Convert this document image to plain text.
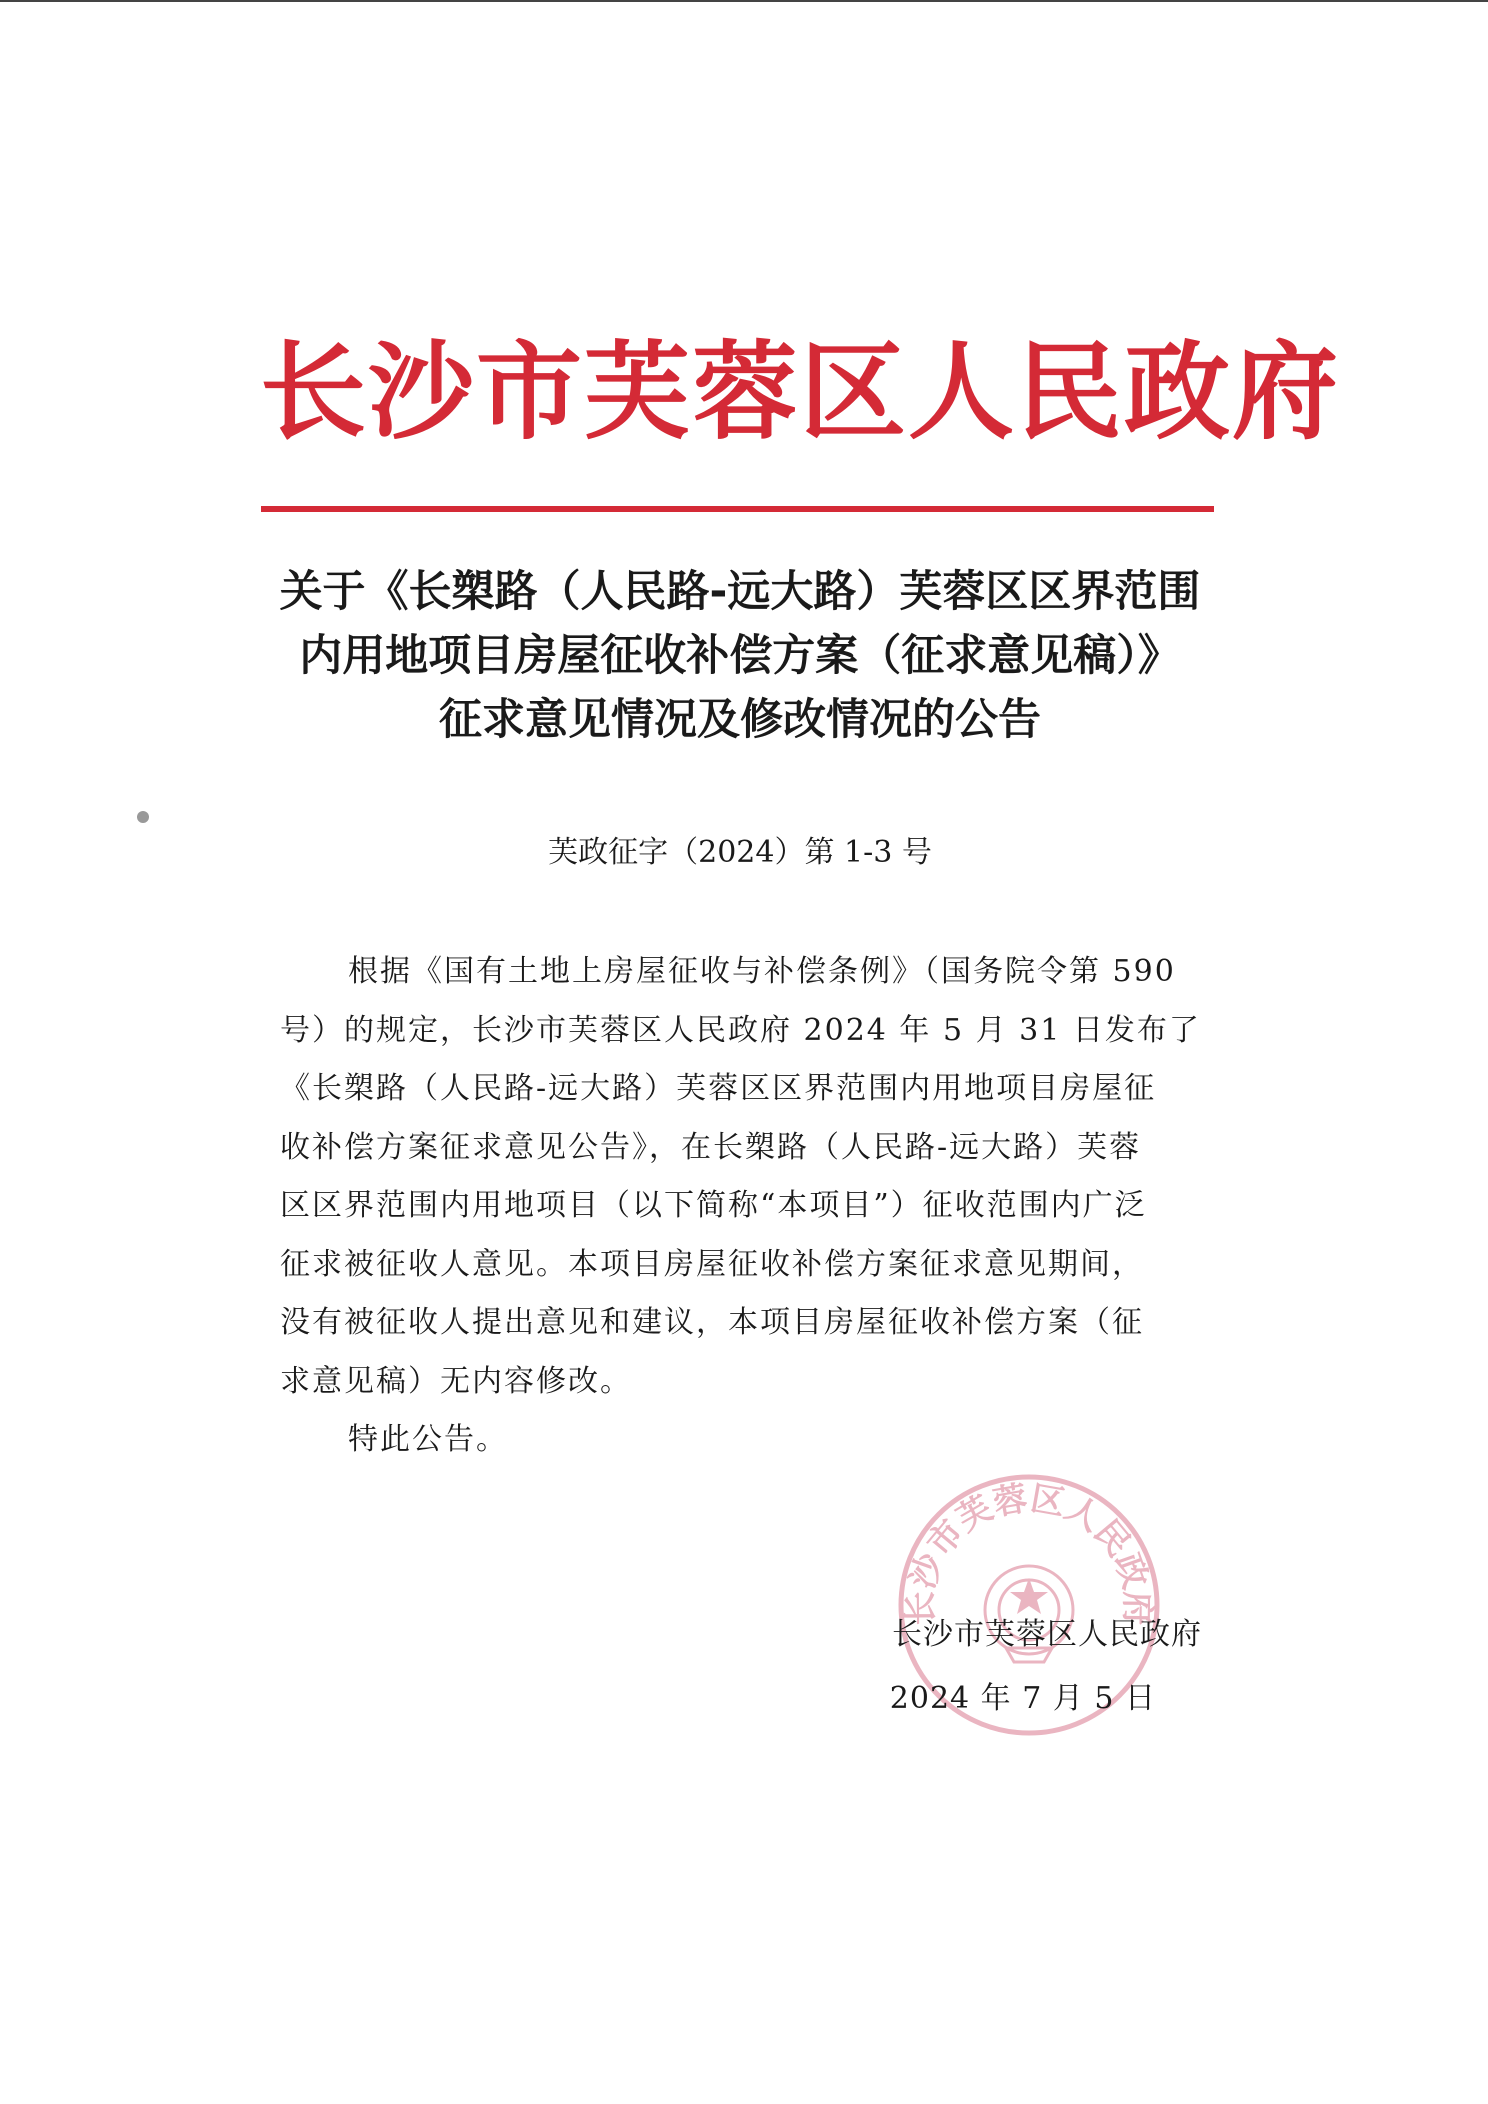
长沙市芙蓉区人民政府
关于《长槊路（人民路-远大路）芙蓉区区界范围
内用地项目房屋征收补偿方案（征求意见稿）》
征求意见情况及修改情况的公告
芙政征字（2024）第 1-3 号
根据《国有土地上房屋征收与补偿条例》（国务院令第 590
号）的规定，长沙市芙蓉区人民政府 2024 年 5 月 31 日发布了
《长槊路（人民路-远大路）芙蓉区区界范围内用地项目房屋征
收补偿方案征求意见公告》，在长槊路（人民路-远大路）芙蓉
区区界范围内用地项目（以下简称“本项目”）征收范围内广泛
征求被征收人意见。本项目房屋征收补偿方案征求意见期间，
没有被征收人提出意见和建议，本项目房屋征收补偿方案（征
求意见稿）无内容修改。
特此公告。
长沙市芙蓉区人民政府
长沙市芙蓉区人民政府
2024 年 7 月 5 日
